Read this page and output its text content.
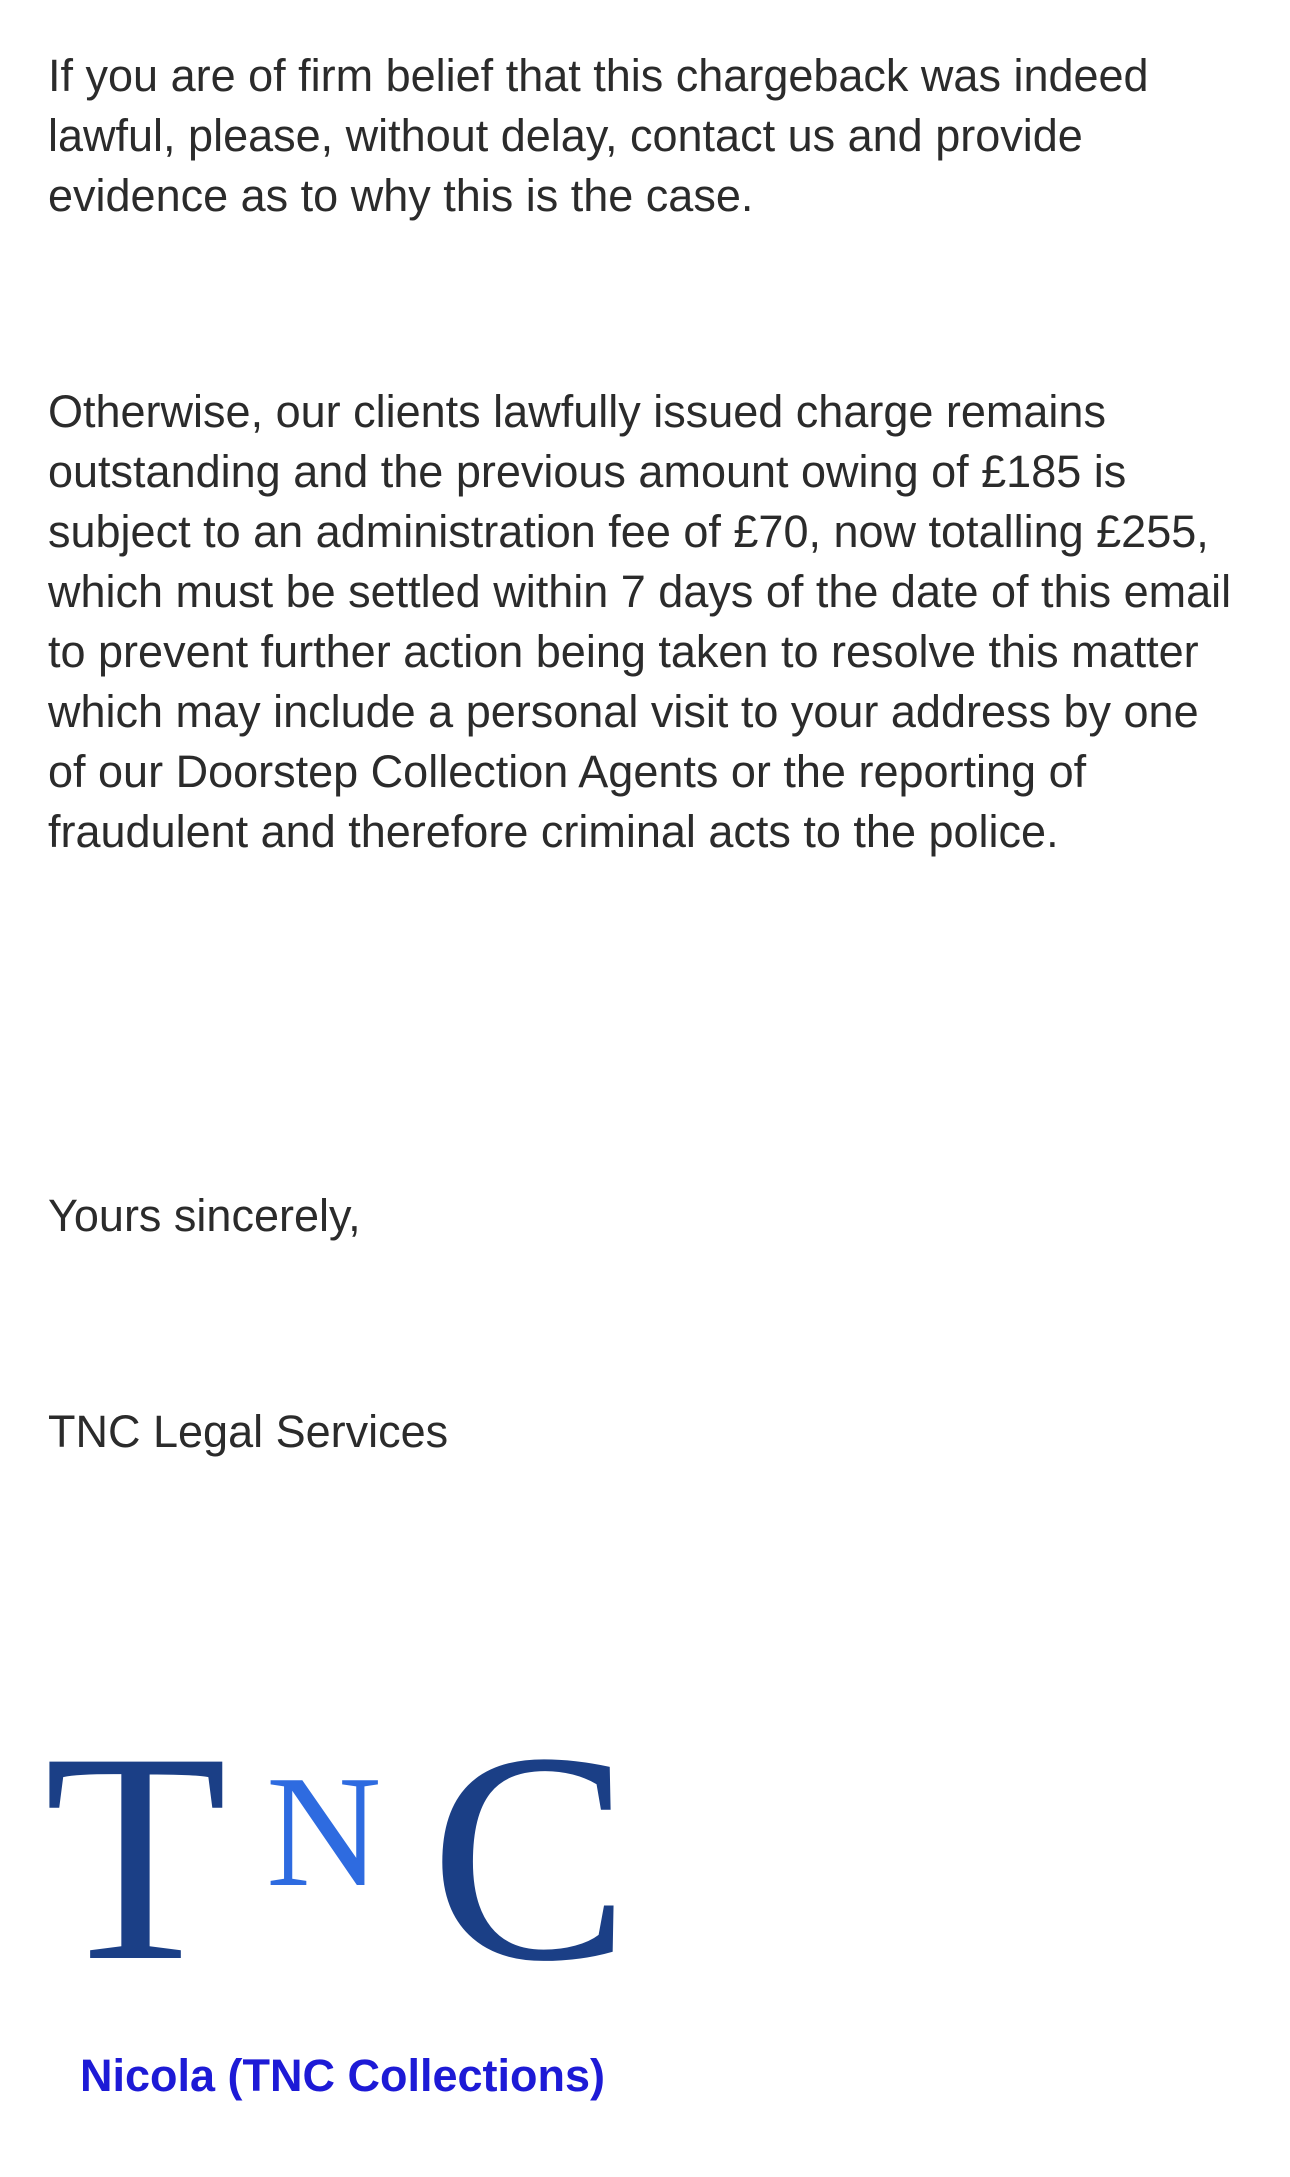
If you are of firm belief that this chargeback was indeed lawful, please, without delay, contact us and provide evidence as to why this is the case.

Otherwise, our clients lawfully issued charge remains outstanding and the previous amount owing of £185 is subject to an administration fee of £70, now totalling £255, which must be settled within 7 days of the date of this email to prevent further action being taken to resolve this matter which may include a personal visit to your address by one of our Doorstep Collection Agents or the reporting of fraudulent and therefore criminal acts to the police.

Yours sincerely,

TNC Legal Services

T N C
Nicola (TNC Collections)
